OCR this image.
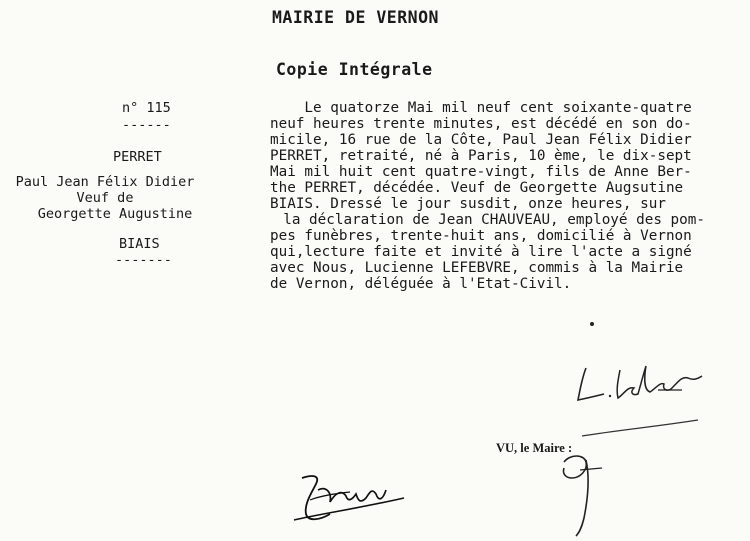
MAIRIE DE VERNON
Copie Intégrale
n° 115
------
PERRET
Paul Jean Félix Didier
Veuf de
Georgette Augustine
BIAIS
-------
Le quatorze Mai mil neuf cent soixante-quatre
neuf heures trente minutes, est décédé en son do-
micile, 16 rue de la Côte, Paul Jean Félix Didier
PERRET, retraité, né à Paris, 10 ème, le dix-sept
Mai mil huit cent quatre-vingt, fils de Anne Ber-
the PERRET, décédée. Veuf de Georgette Augsutine
BIAIS. Dressé le jour susdit, onze heures, sur
la déclaration de Jean CHAUVEAU, employé des pom-
pes funèbres, trente-huit ans, domicilié à Vernon
qui,lecture faite et invité à lire l'acte a signé
avec Nous, Lucienne LEFEBVRE, commis à la Mairie
de Vernon, déléguée à l'Etat-Civil.
VU, le Maire :
